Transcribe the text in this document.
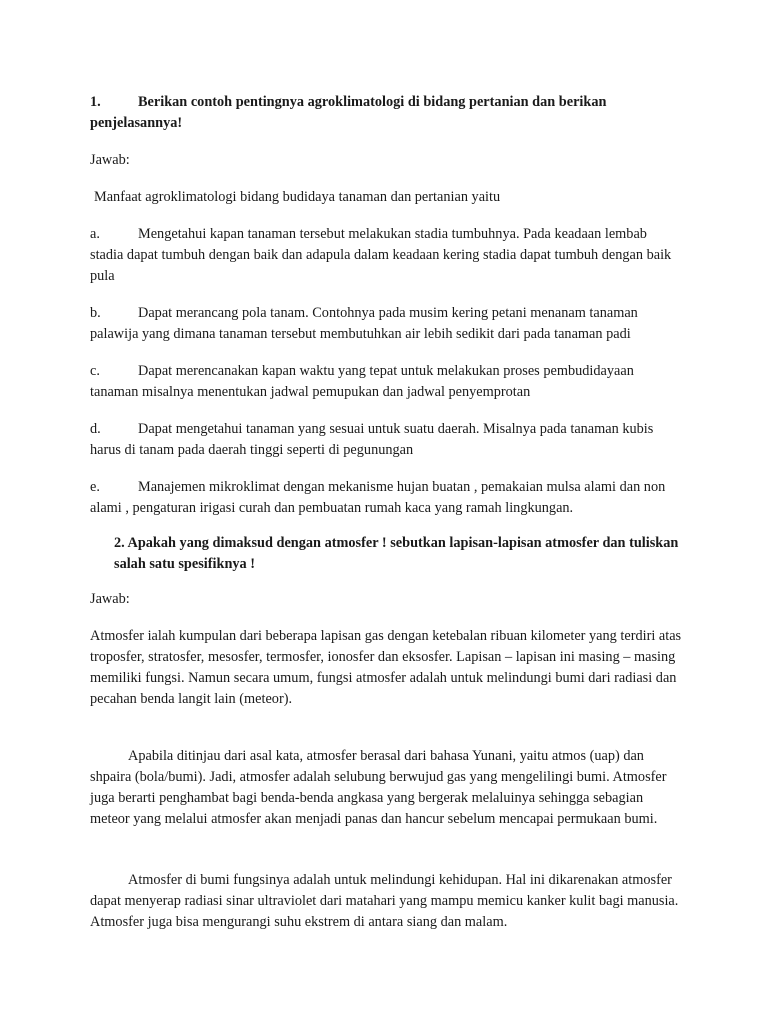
1.	Berikan contoh pentingnya agroklimatologi di bidang pertanian dan berikan penjelasannya!

Jawab:

Manfaat agroklimatologi bidang budidaya tanaman dan pertanian yaitu

a.	Mengetahui kapan tanaman tersebut melakukan stadia tumbuhnya. Pada keadaan lembab stadia dapat tumbuh dengan baik dan adapula dalam keadaan kering stadia dapat tumbuh dengan baik pula

b.	Dapat merancang pola tanam. Contohnya pada musim kering petani menanam tanaman palawija yang dimana tanaman tersebut membutuhkan air lebih sedikit dari pada tanaman padi

c.	Dapat merencanakan kapan waktu yang tepat untuk melakukan proses pembudidayaan tanaman misalnya menentukan jadwal pemupukan dan jadwal penyemprotan

d.	Dapat mengetahui tanaman yang sesuai untuk suatu daerah. Misalnya pada tanaman kubis harus di tanam pada daerah tinggi seperti di pegunungan

e.	Manajemen mikroklimat dengan mekanisme hujan buatan , pemakaian mulsa alami dan non alami , pengaturan irigasi curah dan pembuatan rumah kaca yang ramah lingkungan.

2. Apakah yang dimaksud dengan atmosfer ! sebutkan lapisan-lapisan atmosfer dan tuliskan salah satu spesifiknya !

Jawab:

Atmosfer ialah kumpulan dari beberapa lapisan gas dengan ketebalan ribuan kilometer yang terdiri atas troposfer, stratosfer, mesosfer, termosfer, ionosfer dan eksosfer. Lapisan – lapisan ini masing – masing memiliki fungsi. Namun secara umum, fungsi atmosfer adalah untuk melindungi bumi dari radiasi dan pecahan benda langit lain (meteor).

Apabila ditinjau dari asal kata, atmosfer berasal dari bahasa Yunani, yaitu atmos (uap) dan shpaira (bola/bumi). Jadi, atmosfer adalah selubung berwujud gas yang mengelilingi bumi. Atmosfer juga berarti penghambat bagi benda-benda angkasa yang bergerak melaluinya sehingga sebagian meteor yang melalui atmosfer akan menjadi panas dan hancur sebelum mencapai permukaan bumi.

Atmosfer di bumi fungsinya adalah untuk melindungi kehidupan. Hal ini dikarenakan atmosfer dapat menyerap radiasi sinar ultraviolet dari matahari yang mampu memicu kanker kulit bagi manusia. Atmosfer juga bisa mengurangi suhu ekstrem di antara siang dan malam.
